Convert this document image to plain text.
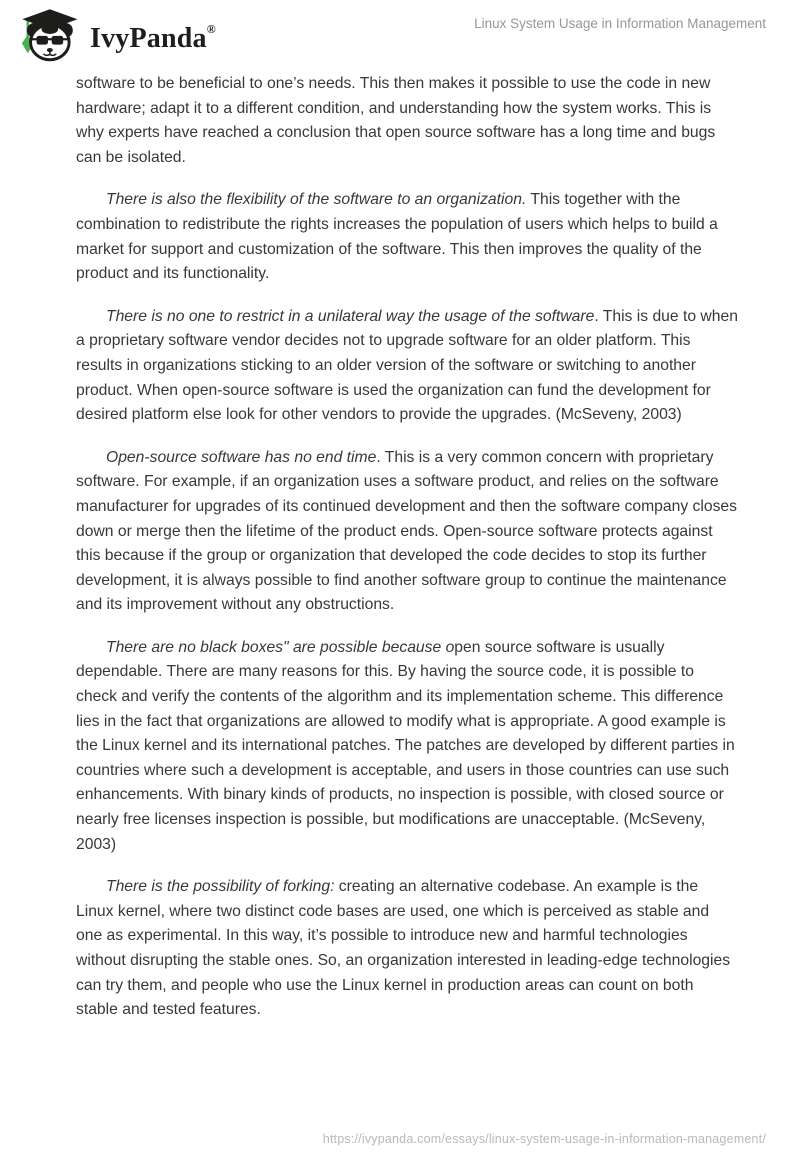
IvyPanda®	Linux System Usage in Information Management

software to be beneficial to one’s needs. This then makes it possible to use the code in new hardware; adapt it to a different condition, and understanding how the system works. This is why experts have reached a conclusion that open source software has a long time and bugs can be isolated.

There is also the flexibility of the software to an organization. This together with the combination to redistribute the rights increases the population of users which helps to build a market for support and customization of the software. This then improves the quality of the product and its functionality.

There is no one to restrict in a unilateral way the usage of the software. This is due to when a proprietary software vendor decides not to upgrade software for an older platform. This results in organizations sticking to an older version of the software or switching to another product. When open-source software is used the organization can fund the development for desired platform else look for other vendors to provide the upgrades. (McSeveny, 2003)

Open-source software has no end time. This is a very common concern with proprietary software. For example, if an organization uses a software product, and relies on the software manufacturer for upgrades of its continued development and then the software company closes down or merge then the lifetime of the product ends. Open-source software protects against this because if the group or organization that developed the code decides to stop its further development, it is always possible to find another software group to continue the maintenance and its improvement without any obstructions.

There are no black boxes" are possible because open source software is usually dependable. There are many reasons for this. By having the source code, it is possible to check and verify the contents of the algorithm and its implementation scheme. This difference lies in the fact that organizations are allowed to modify what is appropriate. A good example is the Linux kernel and its international patches. The patches are developed by different parties in countries where such a development is acceptable, and users in those countries can use such enhancements. With binary kinds of products, no inspection is possible, with closed source or nearly free licenses inspection is possible, but modifications are unacceptable. (McSeveny, 2003)

There is the possibility of forking: creating an alternative codebase. An example is the Linux kernel, where two distinct code bases are used, one which is perceived as stable and one as experimental. In this way, it’s possible to introduce new and harmful technologies without disrupting the stable ones. So, an organization interested in leading-edge technologies can try them, and people who use the Linux kernel in production areas can count on both stable and tested features.

https://ivypanda.com/essays/linux-system-usage-in-information-management/
